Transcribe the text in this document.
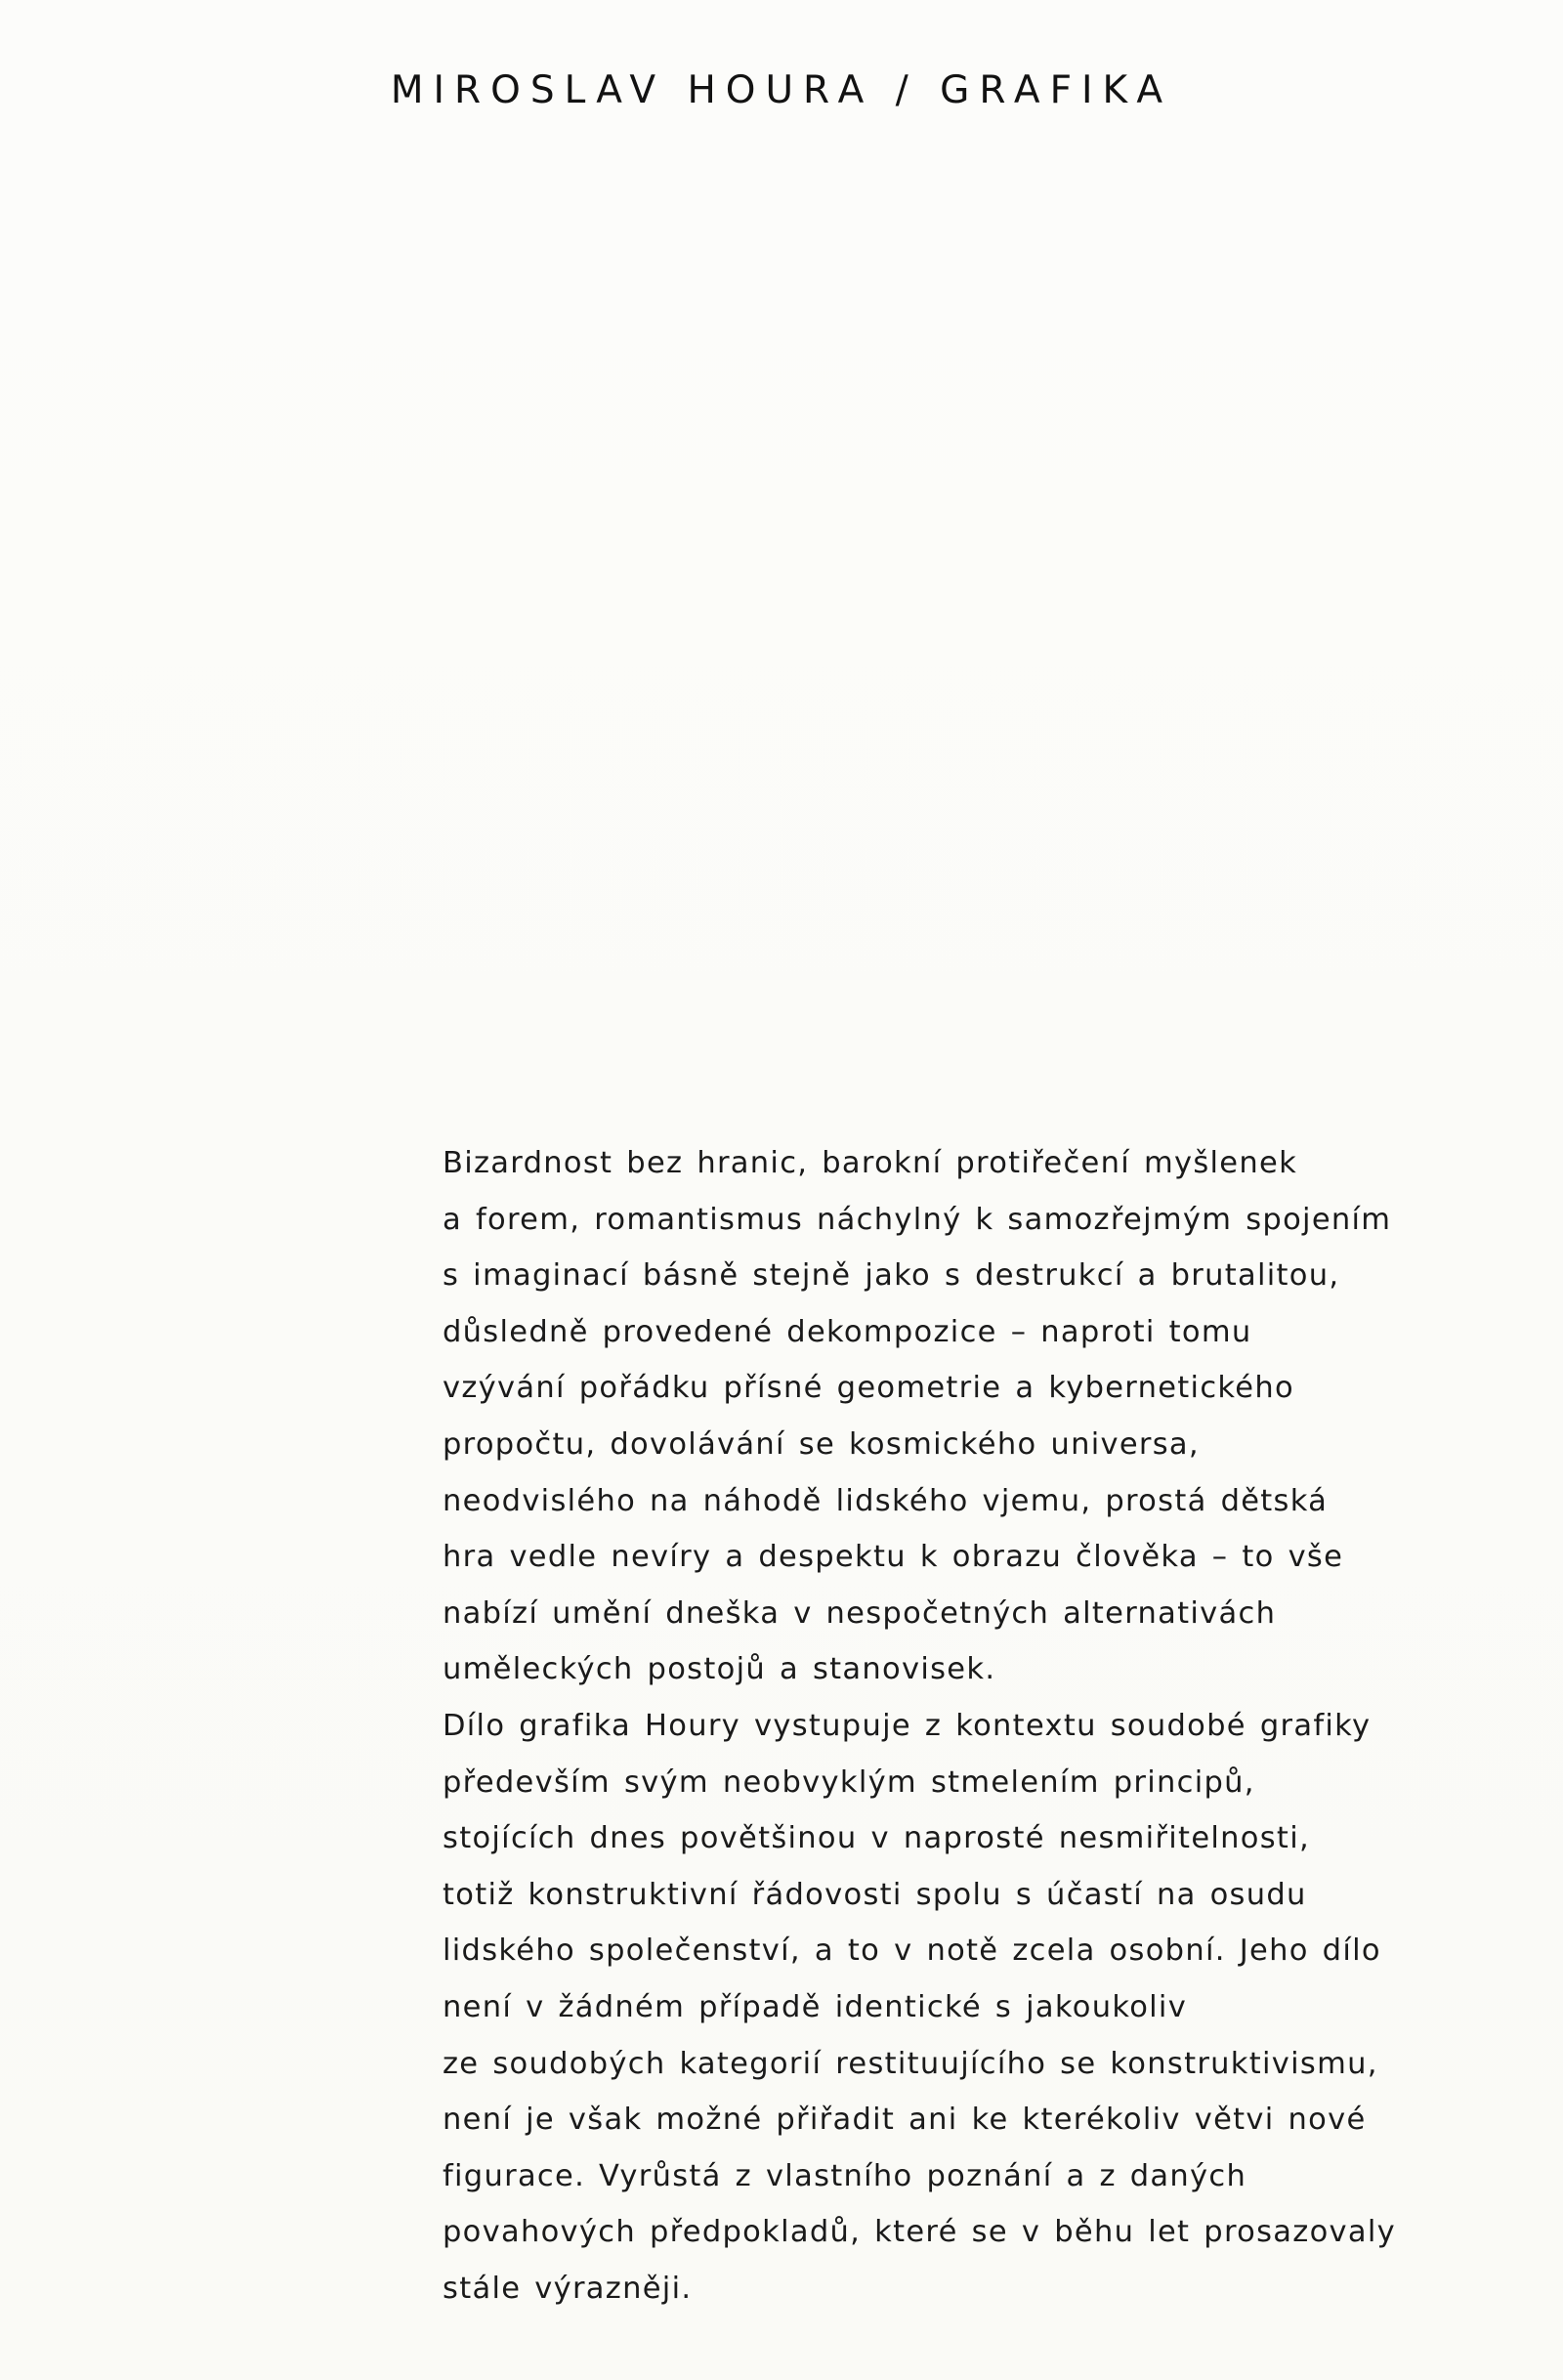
MIROSLAV HOURA / GRAFIKA
Bizardnost bez hranic, barokní protiřečení myšlenek
a forem, romantismus náchylný k samozřejmým spojením
s imaginací básně stejně jako s destrukcí a brutalitou,
důsledně provedené dekompozice – naproti tomu
vzývání pořádku přísné geometrie a kybernetického
propočtu, dovolávání se kosmického universa,
neodvislého na náhodě lidského vjemu, prostá dětská
hra vedle nevíry a despektu k obrazu člověka – to vše
nabízí umění dneška v nespočetných alternativách
uměleckých postojů a stanovisek.
Dílo grafika Houry vystupuje z kontextu soudobé grafiky
především svým neobvyklým stmelením principů,
stojících dnes povětšinou v naprosté nesmiřitelnosti,
totiž konstruktivní řádovosti spolu s účastí na osudu
lidského společenství, a to v notě zcela osobní. Jeho dílo
není v žádném případě identické s jakoukoliv
ze soudobých kategorií restituujícího se konstruktivismu,
není je však možné přiřadit ani ke kterékoliv větvi nové
figurace. Vyrůstá z vlastního poznání a z daných
povahových předpokladů, které se v běhu let prosazovaly
stále výrazněji.
